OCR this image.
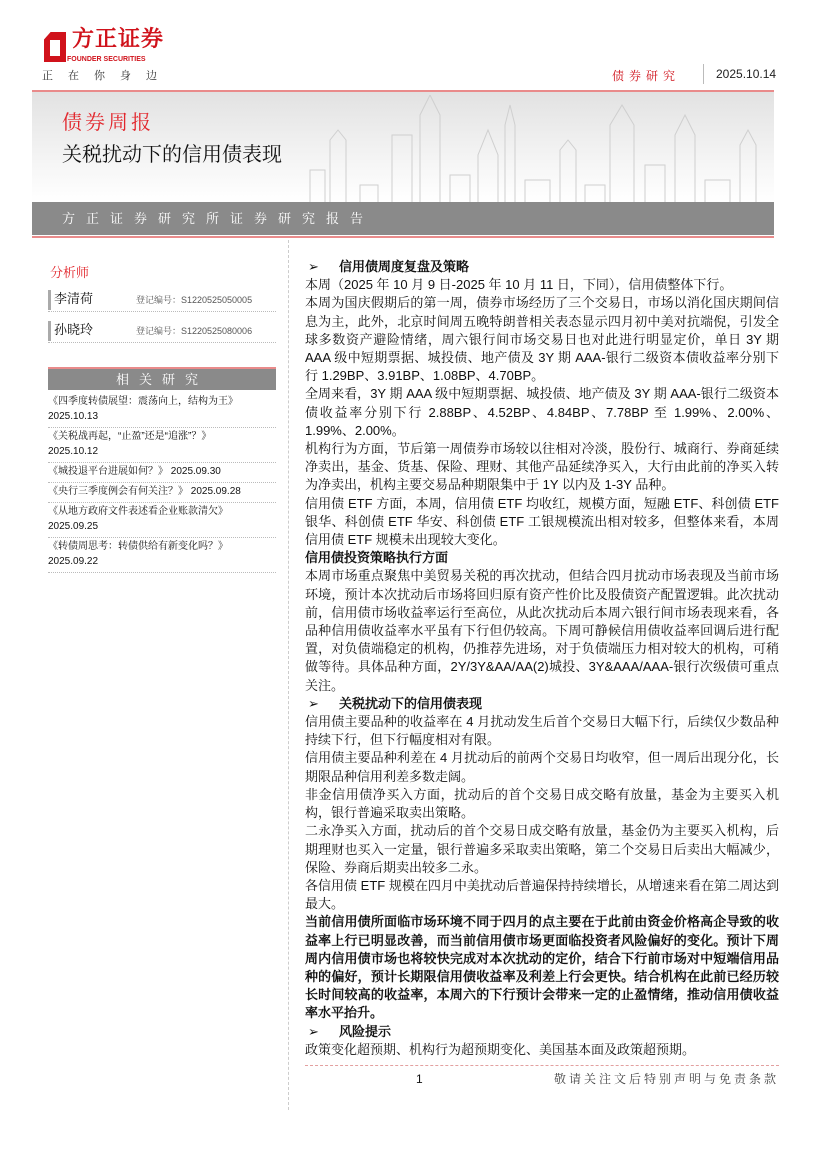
方正证券
FOUNDER SECURITIES
正在你身边	债券研究	2025.10.14
债券周报
关税扰动下的信用债表现
方正证券研究所证券研究报告
分析师
李清荷	登记编号：S1220525050005
孙晓玲	登记编号：S1220525080006
相关研究
《四季度转债展望：震荡向上，结构为王》
2025.10.13
《关税战再起，“止盈”还是“追涨”？》
2025.10.12
《城投退平台进展如何？》 2025.09.30
《央行三季度例会有何关注？》 2025.09.28
《从地方政府文件表述看企业账款清欠》
2025.09.25
《转债周思考：转债供给有新变化吗？》
2025.09.22
➢	信用债周度复盘及策略

本周（2025 年 10 月 9 日-2025 年 10 月 11 日，下同），信用债整体下行。

本周为国庆假期后的第一周，债券市场经历了三个交易日，市场以消化国庆期间信息为主，此外，北京时间周五晚特朗普相关表态显示四月初中美对抗端倪，引发全球多数资产避险情绪，周六银行间市场交易日也对此进行明显定价，单日 3Y 期 AAA 级中短期票据、城投债、地产债及 3Y 期 AAA-银行二级资本债收益率分别下行 1.29BP、3.91BP、1.08BP、4.70BP。

全周来看，3Y 期 AAA 级中短期票据、城投债、地产债及 3Y 期 AAA-银行二级资本债收益率分别下行 2.88BP、4.52BP、4.84BP、7.78BP 至 1.99%、2.00%、1.99%、2.00%。

机构行为方面，节后第一周债券市场较以往相对冷淡，股份行、城商行、券商延续净卖出，基金、货基、保险、理财、其他产品延续净买入，大行由此前的净买入转为净卖出，机构主要交易品种期限集中于 1Y 以内及 1-3Y 品种。

信用债 ETF 方面，本周，信用债 ETF 均收红，规模方面，短融 ETF、科创债 ETF 银华、科创债 ETF 华安、科创债 ETF 工银规模流出相对较多，但整体来看，本周信用债 ETF 规模未出现较大变化。

信用债投资策略执行方面

本周市场重点聚焦中美贸易关税的再次扰动，但结合四月扰动市场表现及当前市场环境，预计本次扰动后市场将回归原有资产性价比及股债资产配置逻辑。此次扰动前，信用债市场收益率运行至高位，从此次扰动后本周六银行间市场表现来看，各品种信用债收益率水平虽有下行但仍较高。下周可静候信用债收益率回调后进行配置，对负债端稳定的机构，仍推荐先进场，对于负债端压力相对较大的机构，可稍做等待。具体品种方面，2Y/3Y&AA/AA(2)城投、3Y&AAA/AAA-银行次级债可重点关注。

➢	关税扰动下的信用债表现

信用债主要品种的收益率在 4 月扰动发生后首个交易日大幅下行，后续仅少数品种持续下行，但下行幅度相对有限。

信用债主要品种利差在 4 月扰动后的前两个交易日均收窄，但一周后出现分化，长期限品种信用利差多数走阔。

非金信用债净买入方面，扰动后的首个交易日成交略有放量，基金为主要买入机构，银行普遍采取卖出策略。

二永净买入方面，扰动后的首个交易日成交略有放量，基金仍为主要买入机构，后期理财也买入一定量，银行普遍多采取卖出策略，第二个交易日后卖出大幅减少，保险、券商后期卖出较多二永。

各信用债 ETF 规模在四月中美扰动后普遍保持持续增长，从增速来看在第二周达到最大。

当前信用债所面临市场环境不同于四月的点主要在于此前由资金价格高企导致的收益率上行已明显改善，而当前信用债市场更面临投资者风险偏好的变化。预计下周周内信用债市场也将较快完成对本次扰动的定价，结合下行前市场对中短端信用品种的偏好，预计长期限信用债收益率及利差上行会更快。结合机构在此前已经历较长时间较高的收益率，本周六的下行预计会带来一定的止盈情绪，推动信用债收益率水平抬升。

➢	风险提示

政策变化超预期、机构行为超预期变化、美国基本面及政策超预期。

1	敬请关注文后特别声明与免责条款
